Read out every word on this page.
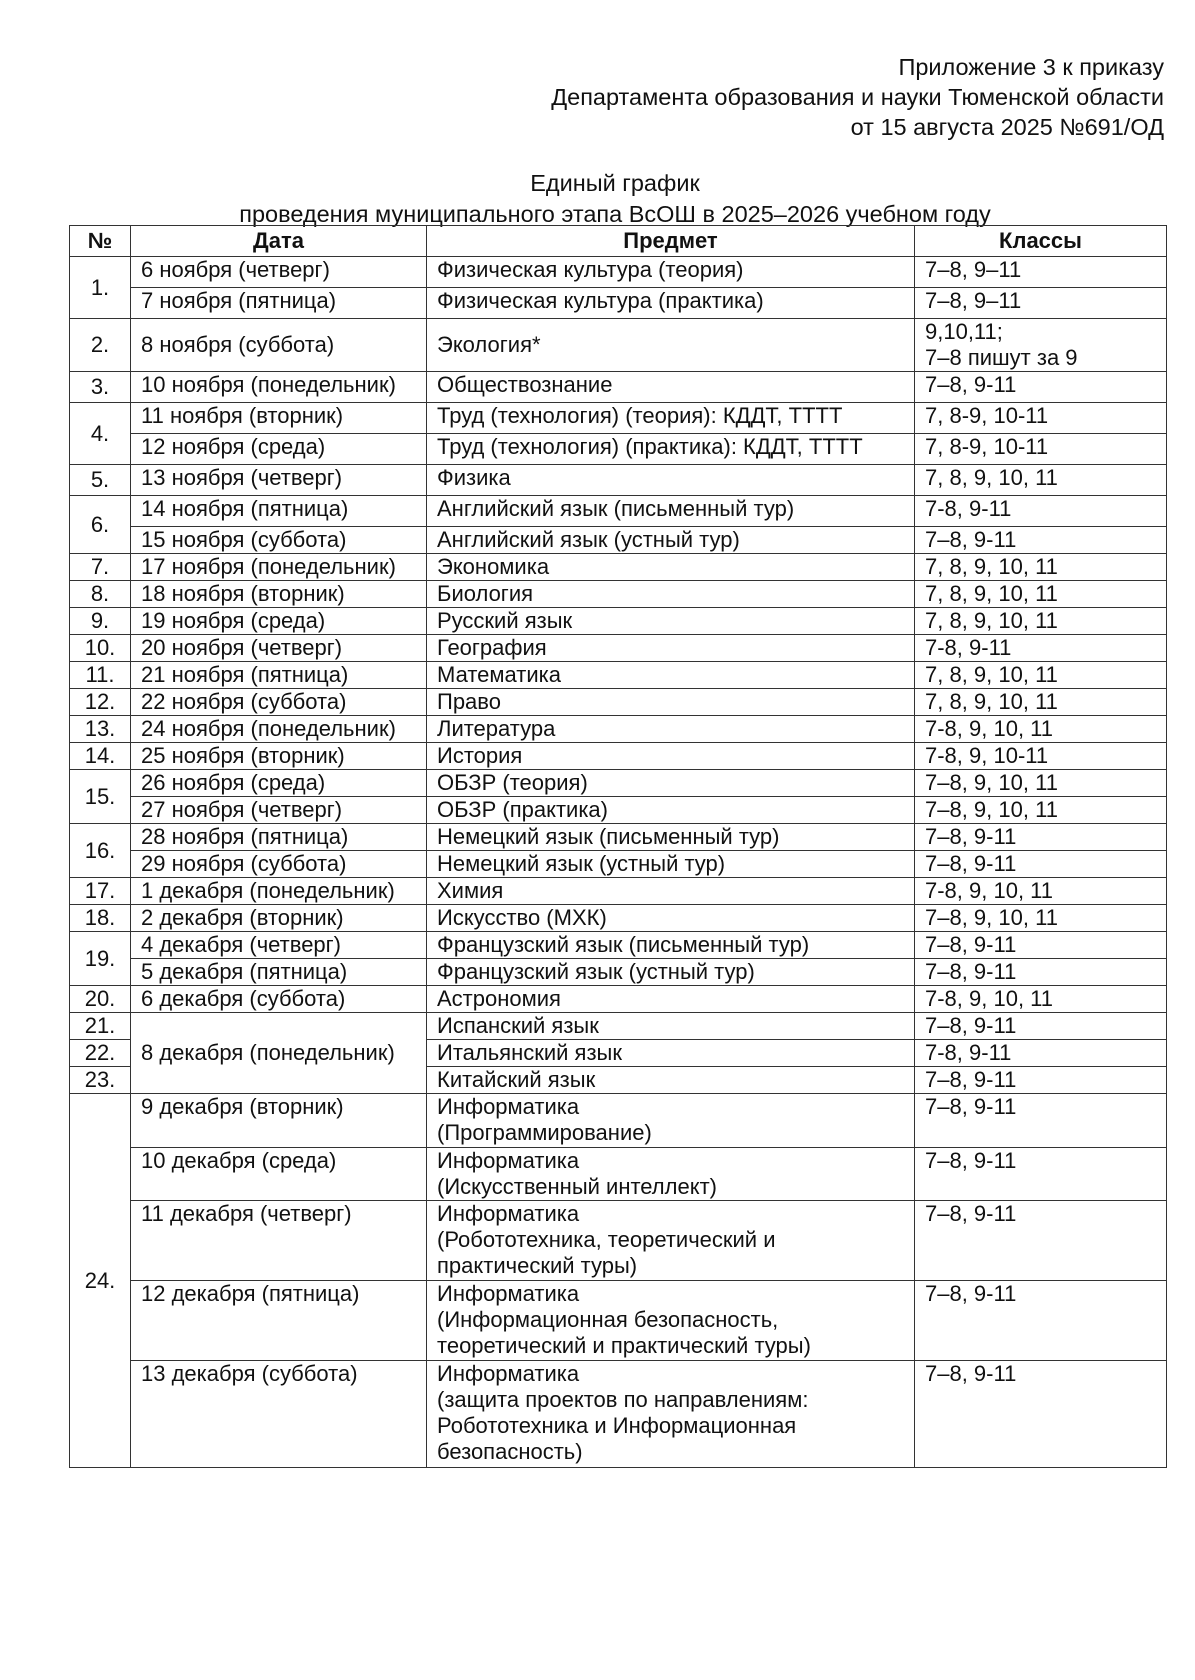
Приложение 3 к приказу
Департамента образования и науки Тюменской области
от 15 августа 2025 №691/ОД
Единый график
проведения муниципального этапа ВсОШ в 2025–2026 учебном году
№	Дата	Предмет	Классы
1.	6 ноября (четверг)	Физическая культура (теория)	7–8, 9–11
	7 ноября (пятница)	Физическая культура (практика)	7–8, 9–11
2.	8 ноября (суббота)	Экология*	9,10,11;
7–8 пишут за 9
3.	10 ноября (понедельник)	Обществознание	7–8, 9-11
4.	11 ноября (вторник)	Труд (технология) (теория): КДДТ, ТТТТ	7, 8-9, 10-11
	12 ноября (среда)	Труд (технология) (практика): КДДТ, ТТТТ	7, 8-9, 10-11
5.	13 ноября (четверг)	Физика	7, 8, 9, 10, 11
6.	14 ноября (пятница)	Английский язык (письменный тур)	7-8, 9-11
	15 ноября (суббота)	Английский язык (устный тур)	7–8, 9-11
7.	17 ноября (понедельник)	Экономика	7, 8, 9, 10, 11
8.	18 ноября (вторник)	Биология	7, 8, 9, 10, 11
9.	19 ноября (среда)	Русский язык	7, 8, 9, 10, 11
10.	20 ноября (четверг)	География	7-8, 9-11
11.	21 ноября (пятница)	Математика	7, 8, 9, 10, 11
12.	22 ноября (суббота)	Право	7, 8, 9, 10, 11
13.	24 ноября (понедельник)	Литература	7-8, 9, 10, 11
14.	25 ноября (вторник)	История	7-8, 9, 10-11
15.	26 ноября (среда)	ОБЗР (теория)	7–8, 9, 10, 11
	27 ноября (четверг)	ОБЗР (практика)	7–8, 9, 10, 11
16.	28 ноября (пятница)	Немецкий язык (письменный тур)	7–8, 9-11
	29 ноября (суббота)	Немецкий язык (устный тур)	7–8, 9-11
17.	1 декабря (понедельник)	Химия	7-8, 9, 10, 11
18.	2 декабря (вторник)	Искусство (МХК)	7–8, 9, 10, 11
19.	4 декабря (четверг)	Французский язык (письменный тур)	7–8, 9-11
	5 декабря (пятница)	Французский язык (устный тур)	7–8, 9-11
20.	6 декабря (суббота)	Астрономия	7-8, 9, 10, 11
21.	8 декабря (понедельник)	Испанский язык	7–8, 9-11
22.		Итальянский язык	7-8, 9-11
23.		Китайский язык	7–8, 9-11
24.	9 декабря (вторник)	Информатика
(Программирование)	7–8, 9-11
	10 декабря (среда)	Информатика
(Искусственный интеллект)	7–8, 9-11
	11 декабря (четверг)	Информатика
(Робототехника, теоретический и
практический туры)	7–8, 9-11
	12 декабря (пятница)	Информатика
(Информационная безопасность,
теоретический и практический туры)	7–8, 9-11
	13 декабря (суббота)	Информатика
(защита проектов по направлениям:
Робототехника и Информационная
безопасность)	7–8, 9-11
